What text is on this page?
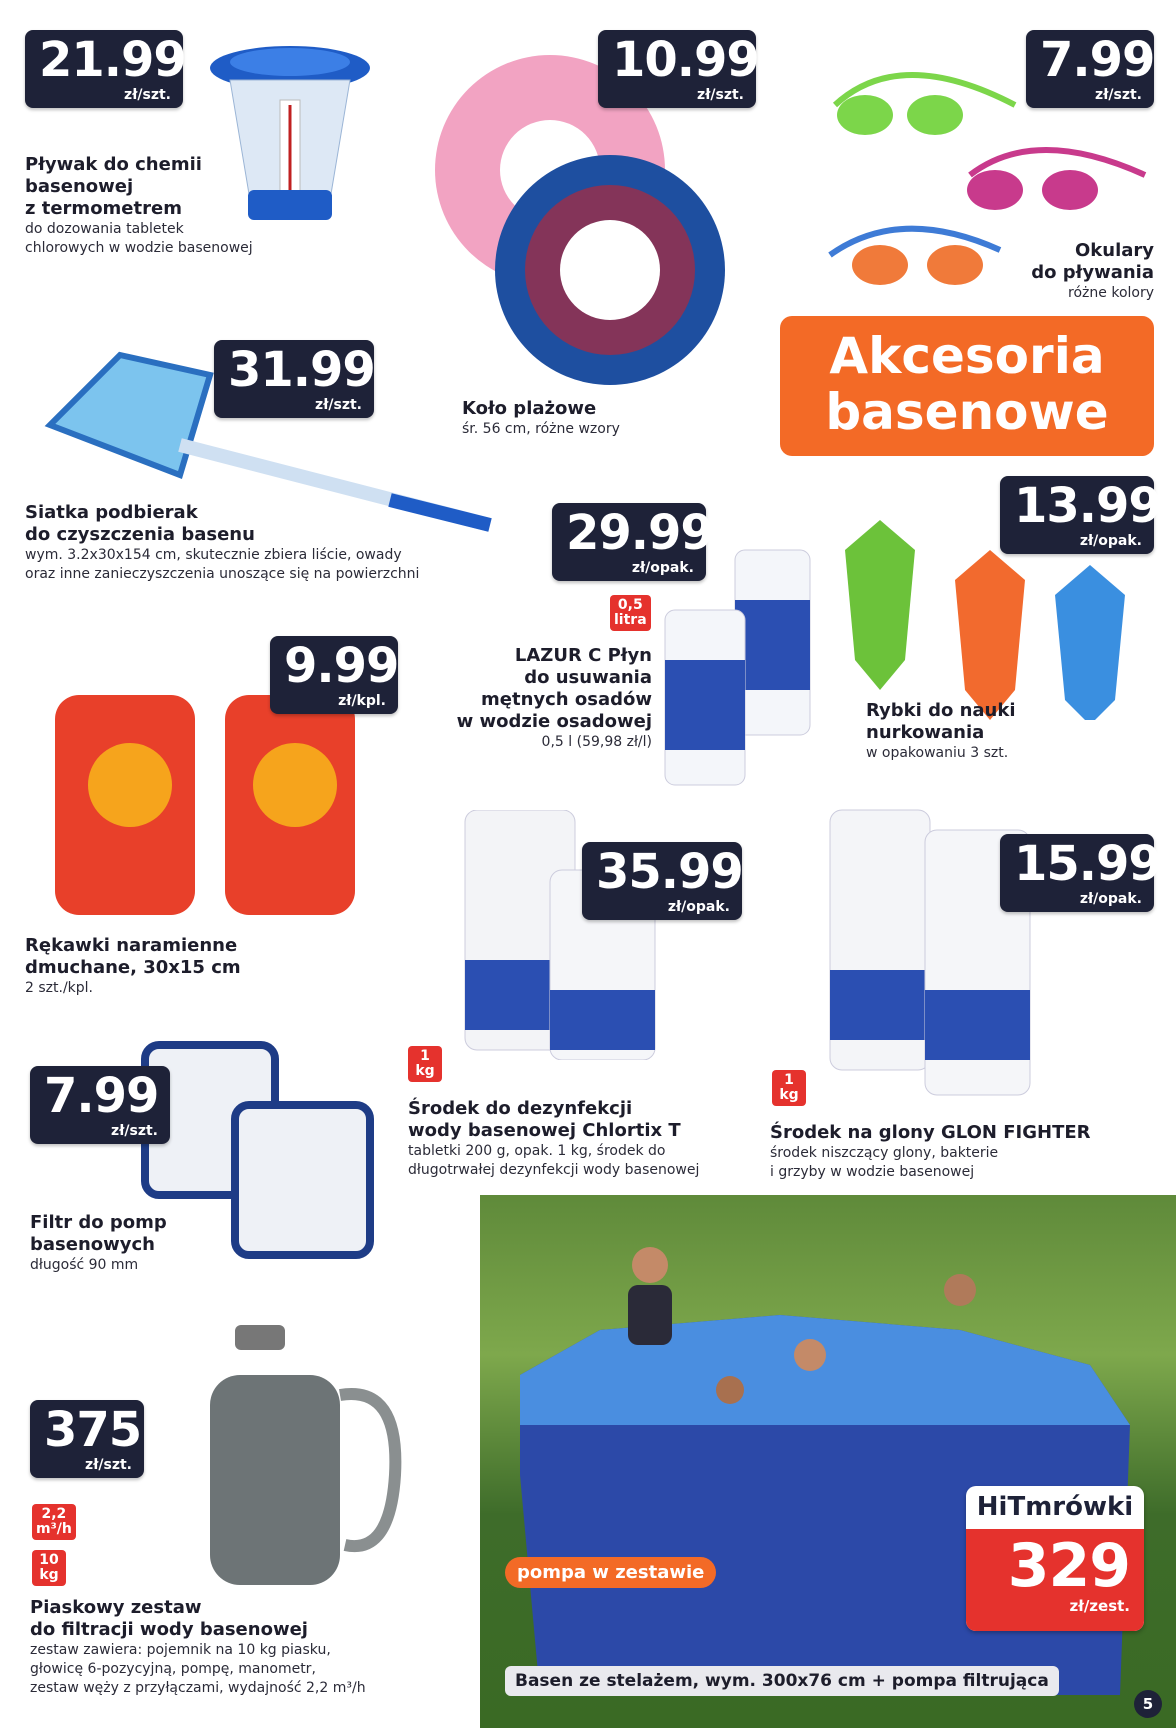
21.99
zł/szt.
Pływak do chemii
basenowej
z termometrem
do dozowania tabletek
chlorowych w wodzie basenowej
10.99
zł/szt.
Koło plażowe
śr. 56 cm, różne wzory
7.99
zł/szt.
Okulary
do pływania
różne kolory
Akcesoria
basenowe
31.99
zł/szt.
Siatka podbierak
do czyszczenia basenu
wym. 3.2x30x154 cm, skutecznie zbiera liście, owady
oraz inne zanieczyszczenia unoszące się na powierzchni
29.99
zł/opak.
0,5
litra
LAZUR C Płyn
do usuwania
mętnych osadów
w wodzie osadowej
0,5 l (59,98 zł/l)
13.99
zł/opak.
Rybki do nauki
nurkowania
w opakowaniu 3 szt.
9.99
zł/kpl.
Rękawki naramienne
dmuchane, 30x15 cm
2 szt./kpl.
35.99
zł/opak.
1
kg
Środek do dezynfekcji
wody basenowej Chlortix T
tabletki 200 g, opak. 1 kg, środek do
długotrwałej dezynfekcji wody basenowej
15.99
zł/opak.
1
kg
Środek na glony GLON FIGHTER
środek niszczący glony, bakterie
i grzyby w wodzie basenowej
7.99
zł/szt.
Filtr do pomp
basenowych
długość 90 mm
375
zł/szt.
2,2
m³/h
10
kg
Piaskowy zestaw
do filtracji wody basenowej
zestaw zawiera: pojemnik na 10 kg piasku,
głowicę 6-pozycyjną, pompę, manometr,
zestaw węży z przyłączami, wydajność 2,2 m³/h
pompa w zestawie
Basen ze stelażem, wym. 300x76 cm + pompa filtrująca
HiTmrówki
329
zł/zest.
5
